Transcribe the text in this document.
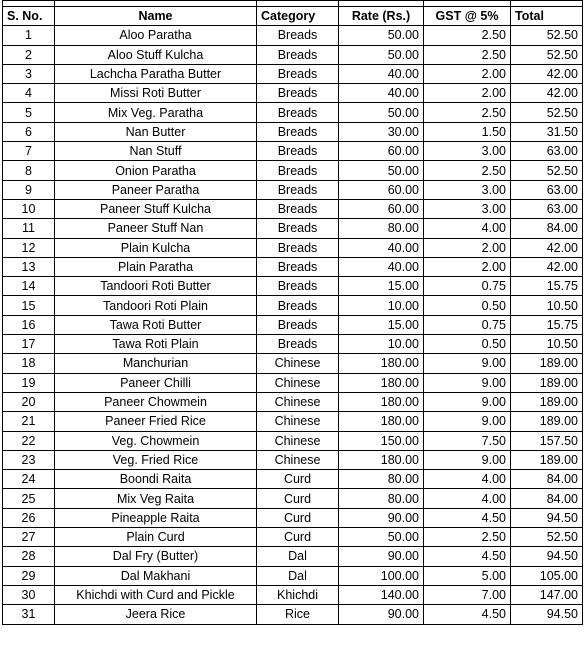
S. No.	Name	Category	Rate (Rs.)	GST @ 5%	Total
1	Aloo Paratha	Breads	50.00	2.50	52.50
2	Aloo Stuff Kulcha	Breads	50.00	2.50	52.50
3	Lachcha Paratha Butter	Breads	40.00	2.00	42.00
4	Missi Roti Butter	Breads	40.00	2.00	42.00
5	Mix Veg. Paratha	Breads	50.00	2.50	52.50
6	Nan Butter	Breads	30.00	1.50	31.50
7	Nan Stuff	Breads	60.00	3.00	63.00
8	Onion Paratha	Breads	50.00	2.50	52.50
9	Paneer Paratha	Breads	60.00	3.00	63.00
10	Paneer Stuff Kulcha	Breads	60.00	3.00	63.00
11	Paneer Stuff Nan	Breads	80.00	4.00	84.00
12	Plain Kulcha	Breads	40.00	2.00	42.00
13	Plain Paratha	Breads	40.00	2.00	42.00
14	Tandoori Roti Butter	Breads	15.00	0.75	15.75
15	Tandoori Roti Plain	Breads	10.00	0.50	10.50
16	Tawa Roti Butter	Breads	15.00	0.75	15.75
17	Tawa Roti Plain	Breads	10.00	0.50	10.50
18	Manchurian	Chinese	180.00	9.00	189.00
19	Paneer Chilli	Chinese	180.00	9.00	189.00
20	Paneer Chowmein	Chinese	180.00	9.00	189.00
21	Paneer Fried Rice	Chinese	180.00	9.00	189.00
22	Veg. Chowmein	Chinese	150.00	7.50	157.50
23	Veg. Fried Rice	Chinese	180.00	9.00	189.00
24	Boondi Raita	Curd	80.00	4.00	84.00
25	Mix Veg Raita	Curd	80.00	4.00	84.00
26	Pineapple Raita	Curd	90.00	4.50	94.50
27	Plain Curd	Curd	50.00	2.50	52.50
28	Dal Fry (Butter)	Dal	90.00	4.50	94.50
29	Dal Makhani	Dal	100.00	5.00	105.00
30	Khichdi with Curd and Pickle	Khichdi	140.00	7.00	147.00
31	Jeera Rice	Rice	90.00	4.50	94.50
